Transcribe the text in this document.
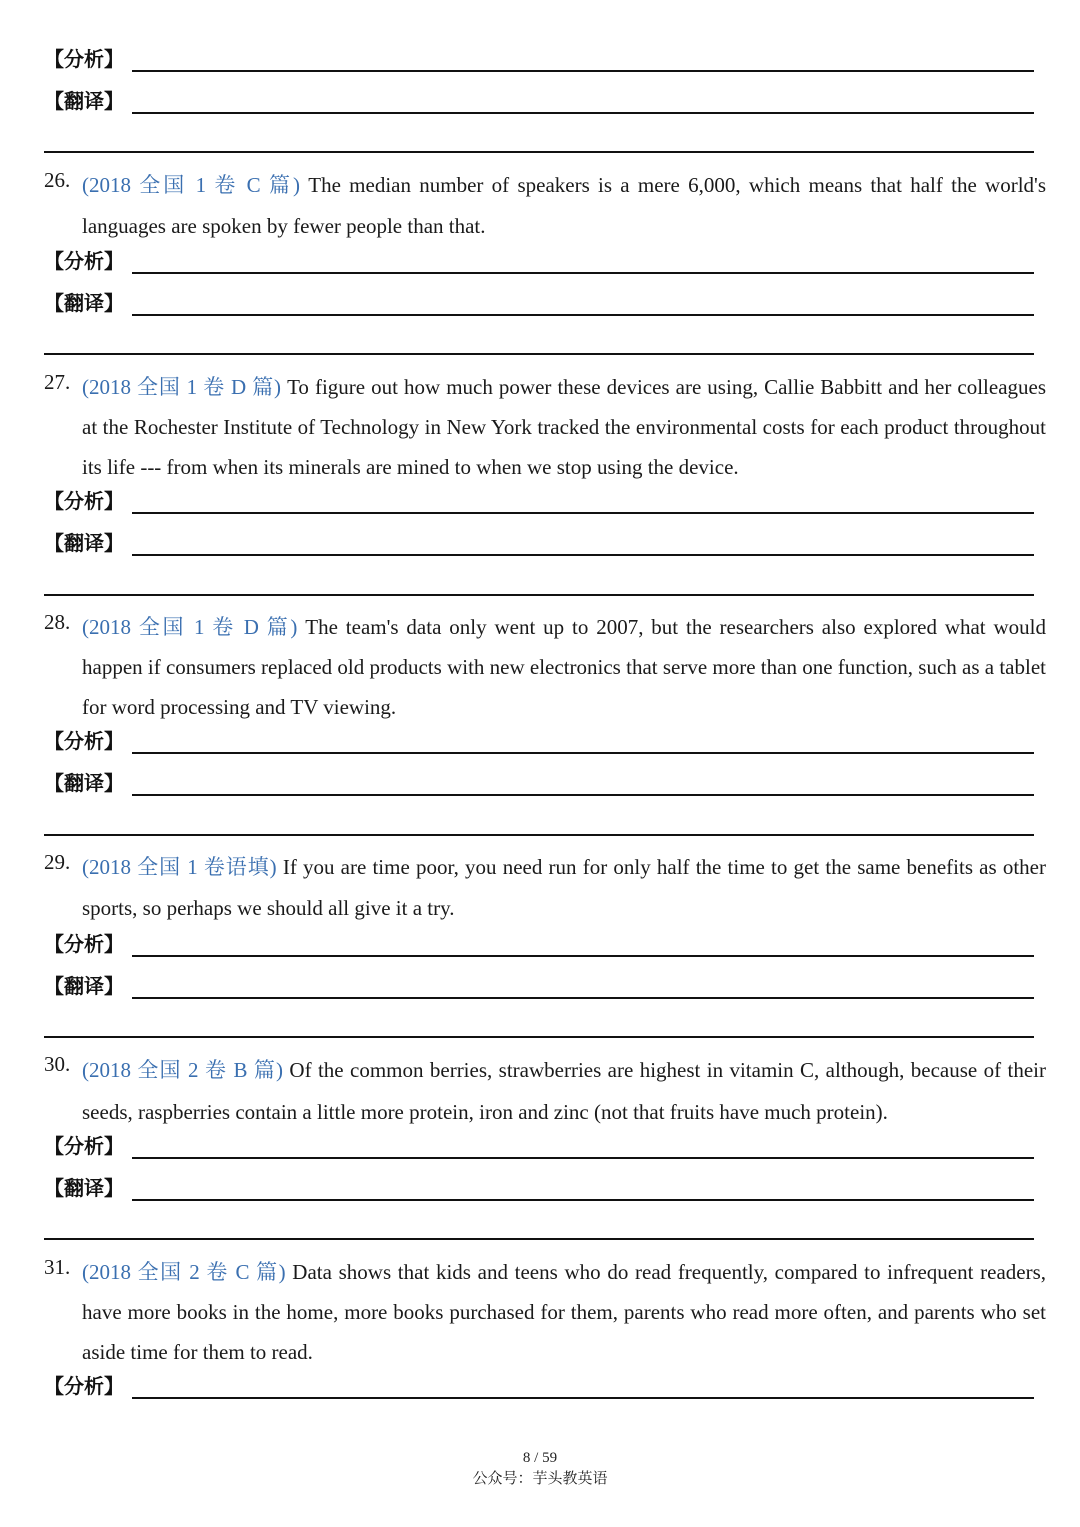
【分析】
【翻译】
26. (2018 全国 1 卷 C 篇) The median number of speakers is a mere 6,000, which means that half the world's languages are spoken by fewer people than that.
【分析】
【翻译】
27. (2018 全国 1 卷 D 篇) To figure out how much power these devices are using, Callie Babbitt and her colleagues at the Rochester Institute of Technology in New York tracked the environmental costs for each product throughout its life --- from when its minerals are mined to when we stop using the device.
【分析】
【翻译】
28. (2018 全国 1 卷 D 篇) The team's data only went up to 2007, but the researchers also explored what would happen if consumers replaced old products with new electronics that serve more than one function, such as a tablet for word processing and TV viewing.
【分析】
【翻译】
29. (2018 全国 1 卷语填) If you are time poor, you need run for only half the time to get the same benefits as other sports, so perhaps we should all give it a try.
【分析】
【翻译】
30. (2018 全国 2 卷 B 篇) Of the common berries, strawberries are highest in vitamin C, although, because of their seeds, raspberries contain a little more protein, iron and zinc (not that fruits have much protein).
【分析】
【翻译】
31. (2018 全国 2 卷 C 篇) Data shows that kids and teens who do read frequently, compared to infrequent readers, have more books in the home, more books purchased for them, parents who read more often, and parents who set aside time for them to read.
【分析】
8 / 59
公众号：芋头教英语
